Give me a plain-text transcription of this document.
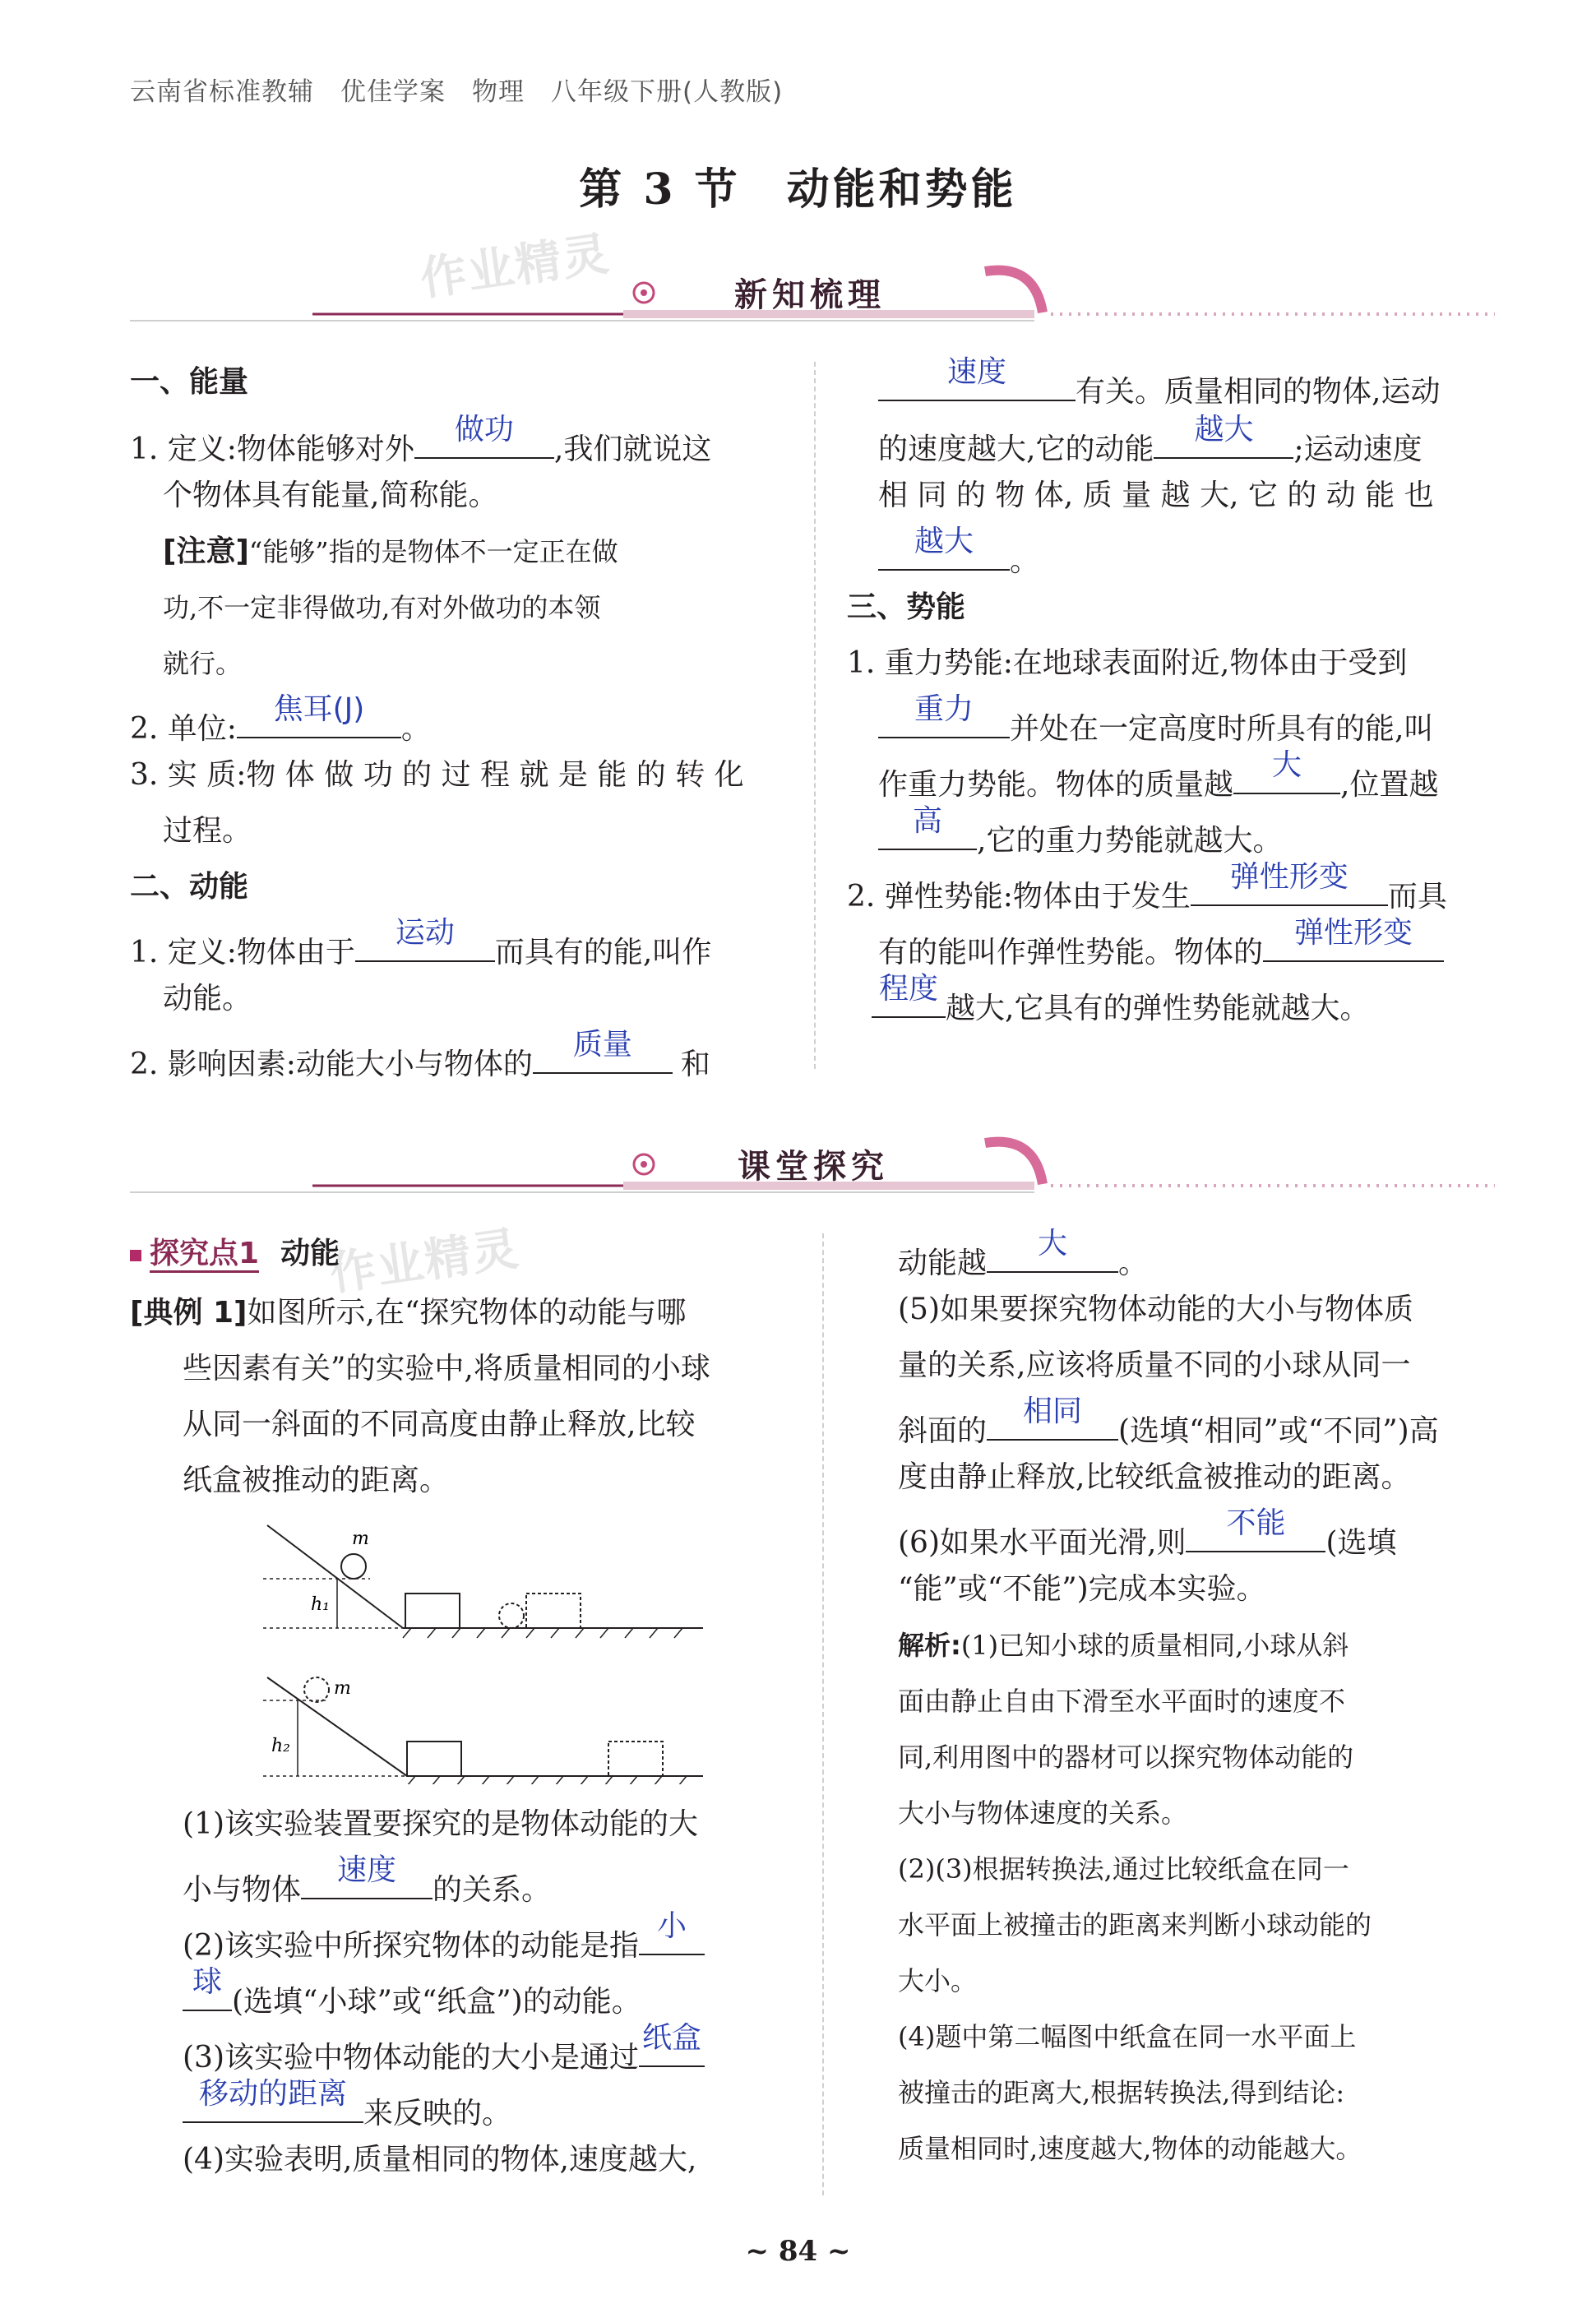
云南省标准教辅　优佳学案　物理　八年级下册(人教版)
第 3 节　动能和势能
作业精灵
作业精灵
新知梳理
一、能量
1. 定义:物体能够对外
做功
,我们就说这
个物体具有能量,简称能。
[注意]“能够”指的是物体不一定正在做
功,不一定非得做功,有对外做功的本领
就行。
2. 单位:
焦耳(J)
。
3. 实 质:物 体 做 功 的 过 程 就 是 能 的 转 化
过程。
二、动能
1. 定义:物体由于
运动
而具有的能,叫作
动能。
2. 影响因素:动能大小与物体的
质量
和
速度
有关。质量相同的物体,运动
的速度越大,它的动能
越大
;运动速度
相 同 的 物 体, 质 量 越 大, 它 的 动 能 也
越大
。
三、势能
1. 重力势能:在地球表面附近,物体由于受到
重力
并处在一定高度时所具有的能,叫
作重力势能。物体的质量越
大
,位置越
高
,它的重力势能就越大。
2. 弹性势能:物体由于发生
弹性形变
而具
有的能叫作弹性势能。物体的
弹性形变
程度
越大,它具有的弹性势能就越大。
课堂探究
探究点1 动能
[典例 1]如图所示,在“探究物体的动能与哪
些因素有关”的实验中,将质量相同的小球
从同一斜面的不同高度由静止释放,比较
纸盒被推动的距离。
m
h₁
m
h₂
(1)该实验装置要探究的是物体动能的大
小与物体
速度
的关系。
(2)该实验中所探究物体的动能是指
小
球
(选填“小球”或“纸盒”)的动能。
(3)该实验中物体动能的大小是通过
纸盒
移动的距离
来反映的。
(4)实验表明,质量相同的物体,速度越大,
动能越
大
。
(5)如果要探究物体动能的大小与物体质
量的关系,应该将质量不同的小球从同一
斜面的
相同
(选填“相同”或“不同”)高
度由静止释放,比较纸盒被推动的距离。
(6)如果水平面光滑,则
不能
(选填
“能”或“不能”)完成本实验。
解析:(1)已知小球的质量相同,小球从斜
面由静止自由下滑至水平面时的速度不
同,利用图中的器材可以探究物体动能的
大小与物体速度的关系。
(2)(3)根据转换法,通过比较纸盒在同一
水平面上被撞击的距离来判断小球动能的
大小。
(4)题中第二幅图中纸盒在同一水平面上
被撞击的距离大,根据转换法,得到结论:
质量相同时,速度越大,物体的动能越大。
~ 84 ~
